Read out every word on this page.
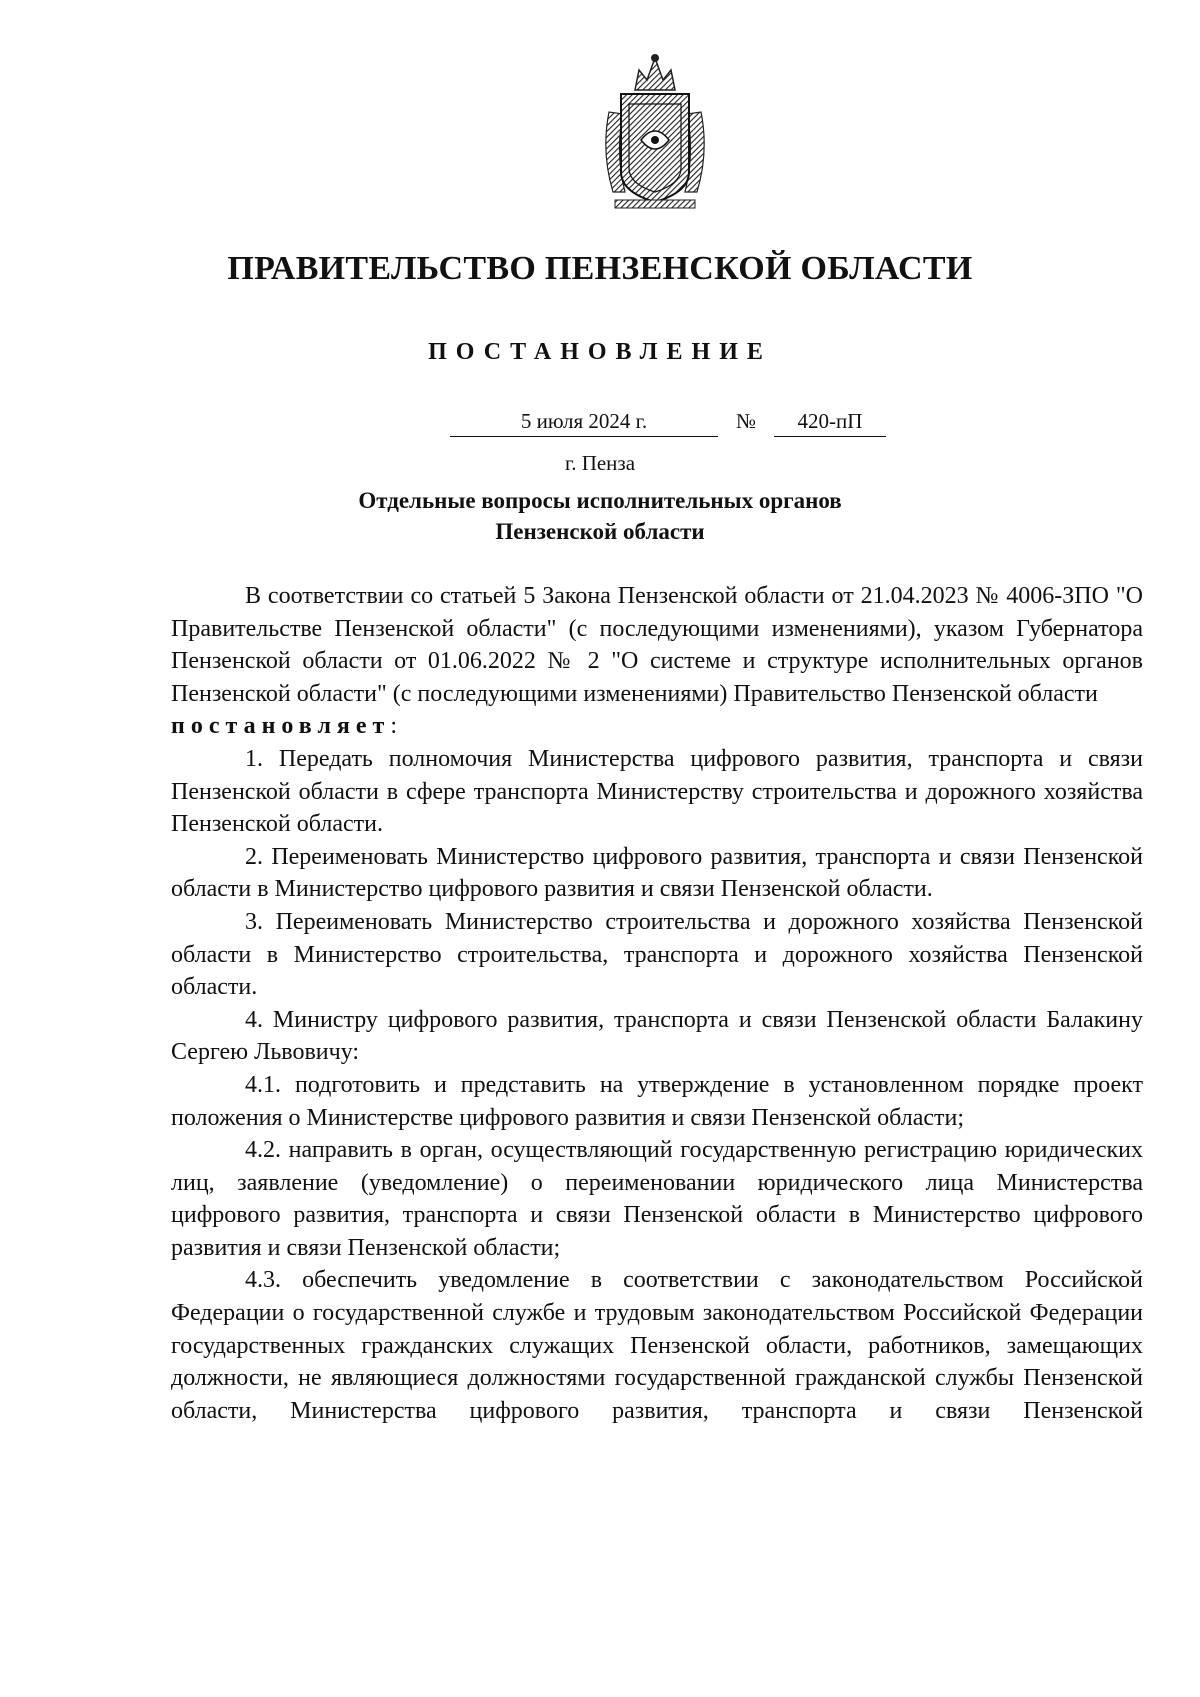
ПРАВИТЕЛЬСТВО ПЕНЗЕНСКОЙ ОБЛАСТИ
ПОСТАНОВЛЕНИЕ
5 июля 2024 г.	№	420-пП
г. Пенза
Отдельные вопросы исполнительных органов
Пензенской области

В соответствии со статьей 5 Закона Пензенской области от 21.04.2023 № 4006-ЗПО "О Правительстве Пензенской области" (с последующими изменениями), указом Губернатора Пензенской области от 01.06.2022 № 2 "О системе и структуре исполнительных органов Пензенской области" (с последующими изменениями) Правительство Пензенской области

постановляет:

1. Передать полномочия Министерства цифрового развития, транспорта и связи Пензенской области в сфере транспорта Министерству строительства и дорожного хозяйства Пензенской области.

2. Переименовать Министерство цифрового развития, транспорта и связи Пензенской области в Министерство цифрового развития и связи Пензенской области.

3. Переименовать Министерство строительства и дорожного хозяйства Пензенской области в Министерство строительства, транспорта и дорожного хозяйства Пензенской области.

4. Министру цифрового развития, транспорта и связи Пензенской области Балакину Сергею Львовичу:

4.1. подготовить и представить на утверждение в установленном порядке проект положения о Министерстве цифрового развития и связи Пензенской области;

4.2. направить в орган, осуществляющий государственную регистрацию юридических лиц, заявление (уведомление) о переименовании юридического лица Министерства цифрового развития, транспорта и связи Пензенской области в Министерство цифрового развития и связи Пензенской области;

4.3. обеспечить уведомление в соответствии с законодательством Российской Федерации о государственной службе и трудовым законодательством Российской Федерации государственных гражданских служащих Пензенской области, работников, замещающих должности, не являющиеся должностями государственной гражданской службы Пензенской области, Министерства цифрового развития, транспорта и связи Пензенской
